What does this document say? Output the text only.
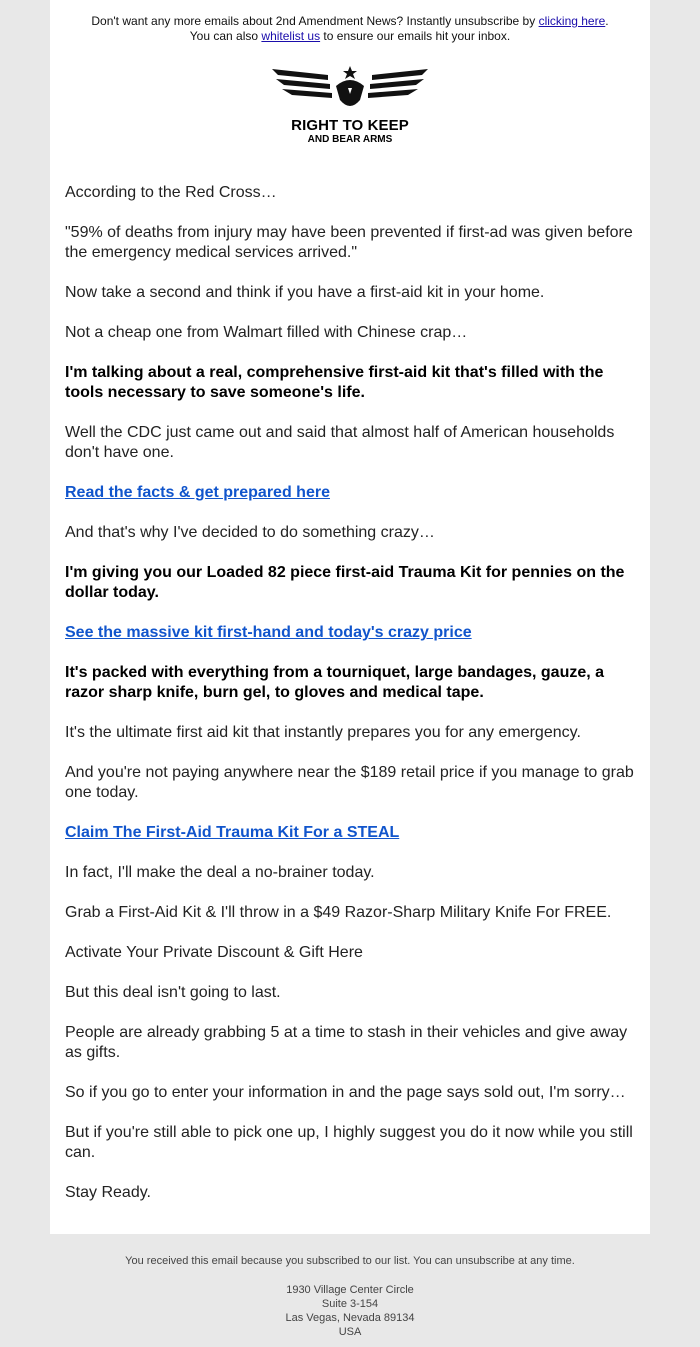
Don't want any more emails about 2nd Amendment News? Instantly unsubscribe by clicking here.
You can also whitelist us to ensure our emails hit your inbox.
RIGHT TO KEEP
AND BEAR ARMS

According to the Red Cross…

"59% of deaths from injury may have been prevented if first-ad was given before the emergency medical services arrived."

Now take a second and think if you have a first-aid kit in your home.

Not a cheap one from Walmart filled with Chinese crap…

I'm talking about a real, comprehensive first-aid kit that's filled with the tools necessary to save someone's life.

Well the CDC just came out and said that almost half of American households don't have one.

Read the facts & get prepared here

And that's why I've decided to do something crazy…

I'm giving you our Loaded 82 piece first-aid Trauma Kit for pennies on the dollar today.

See the massive kit first-hand and today's crazy price

It's packed with everything from a tourniquet, large bandages, gauze, a razor sharp knife, burn gel, to gloves and medical tape.

It's the ultimate first aid kit that instantly prepares you for any emergency.

And you're not paying anywhere near the $189 retail price if you manage to grab one today.

Claim The First-Aid Trauma Kit For a STEAL

In fact, I'll make the deal a no-brainer today.

Grab a First-Aid Kit & I'll throw in a $49 Razor-Sharp Military Knife For FREE.

Activate Your Private Discount & Gift Here

But this deal isn't going to last.

People are already grabbing 5 at a time to stash in their vehicles and give away as gifts.

So if you go to enter your information in and the page says sold out, I'm sorry…

But if you're still able to pick one up, I highly suggest you do it now while you still can.

Stay Ready.

You received this email because you subscribed to our list. You can unsubscribe at any time.
1930 Village Center Circle
Suite 3-154
Las Vegas, Nevada 89134
USA
